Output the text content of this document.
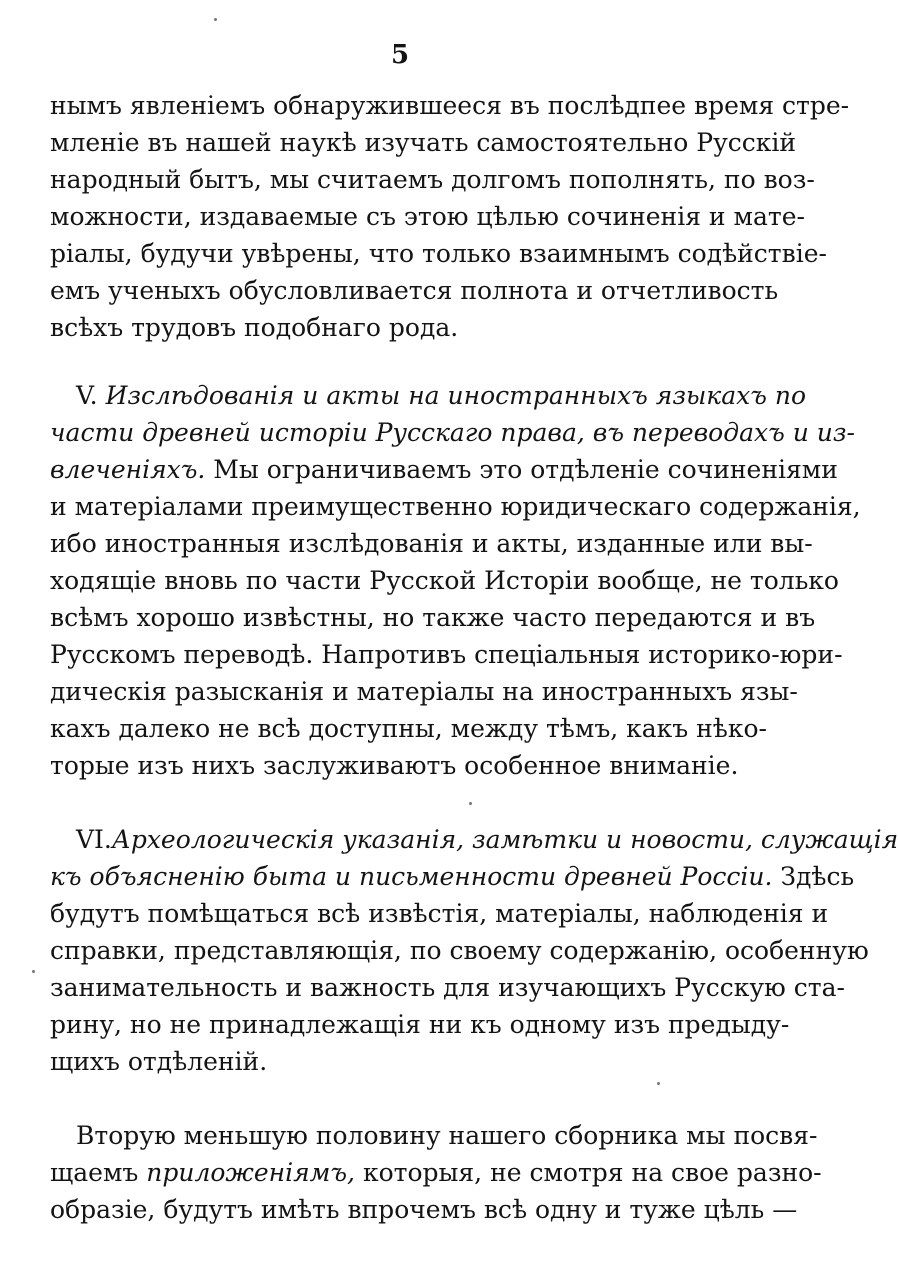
5
нымъ явленіемъ обнаружившееся въ послѣдпее время стре-
мленіе въ нашей наукѣ изучать самостоятельно Русскій
народный бытъ, мы считаемъ долгомъ пополнять, по воз-
можности, издаваемые съ этою цѣлью сочиненія и мате-
ріалы, будучи увѣрены, что только взаимнымъ содѣйствіе-
емъ ученыхъ обусловливается полнота и отчетливость
всѣхъ трудовъ подобнаго рода.
V. Изслѣдованія и акты на иностранныхъ языкахъ по
части древней исторіи Русскаго права, въ переводахъ и из-
влеченіяхъ. Мы ограничиваемъ это отдѣленіе сочиненіями
и матеріалами преимущественно юридическаго содержанія,
ибо иностранныя изслѣдованія и акты, изданные или вы-
ходящіе вновь по части Русской Исторіи вообще, не только
всѣмъ хорошо извѣстны, но также часто передаются и въ
Русскомъ переводѣ. Напротивъ спеціальныя историко-юри-
дическія разысканія и матеріалы на иностранныхъ язы-
кахъ далеко не всѣ доступны, между тѣмъ, какъ нѣко-
торые изъ нихъ заслуживаютъ особенное вниманіе.
VI.Археологическія указанія, замѣтки и новости, служащія
къ объясненію быта и письменности древней Россіи. Здѣсь
будутъ помѣщаться всѣ извѣстія, матеріалы, наблюденія и
справки, представляющія, по своему содержанію, особенную
занимательность и важность для изучающихъ Русскую ста-
рину, но не принадлежащія ни къ одному изъ предыду-
щихъ отдѣленій.
Вторую меньшую половину нашего сборника мы посвя-
щаемъ приложеніямъ, которыя, не смотря на свое разно-
образіе, будутъ имѣть впрочемъ всѣ одну и туже цѣль —
